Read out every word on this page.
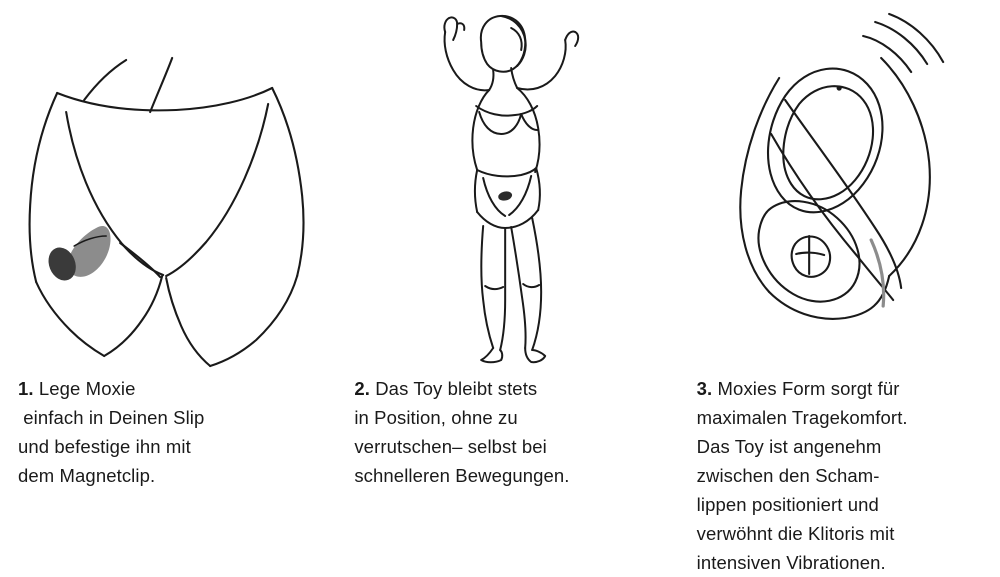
1. Lege Moxie
einfach in Deinen Slip
und befestige ihn mit
dem Magnetclip.
2. Das Toy bleibt stets
in Position, ohne zu
verrutschen– selbst bei
schnelleren Bewegungen.
3. Moxies Form sorgt für
maximalen Tragekomfort.
Das Toy ist angenehm
zwischen den Scham-
lippen positioniert und
verwöhnt die Klitoris mit
intensiven Vibrationen.
